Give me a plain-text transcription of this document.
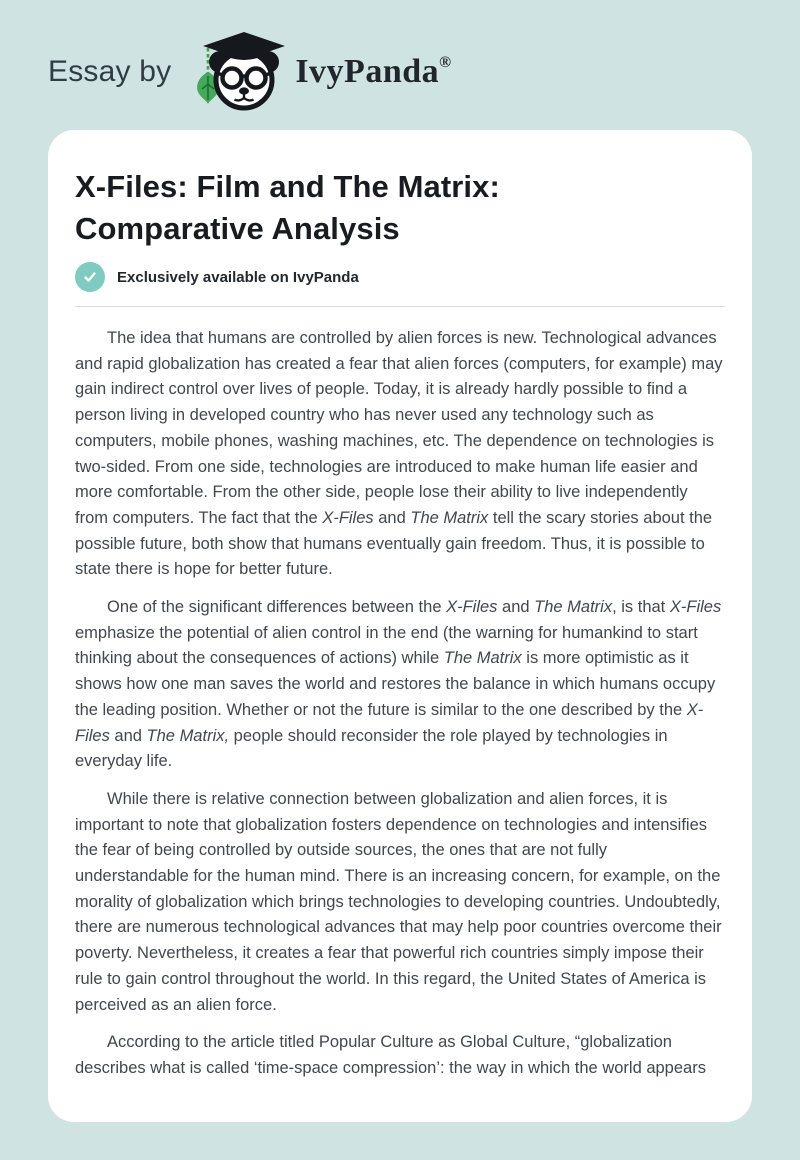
Essay by	IvyPanda®
X-Files: Film and The Matrix:
Comparative Analysis
Exclusively available on IvyPanda

The idea that humans are controlled by alien forces is new. Technological advances and rapid globalization has created a fear that alien forces (computers, for example) may gain indirect control over lives of people. Today, it is already hardly possible to find a person living in developed country who has never used any technology such as computers, mobile phones, washing machines, etc. The dependence on technologies is two-sided. From one side, technologies are introduced to make human life easier and more comfortable. From the other side, people lose their ability to live independently from computers. The fact that the X-Files and The Matrix tell the scary stories about the possible future, both show that humans eventually gain freedom. Thus, it is possible to state there is hope for better future.

One of the significant differences between the X-Files and The Matrix, is that X-Files emphasize the potential of alien control in the end (the warning for humankind to start thinking about the consequences of actions) while The Matrix is more optimistic as it shows how one man saves the world and restores the balance in which humans occupy the leading position. Whether or not the future is similar to the one described by the X-Files and The Matrix, people should reconsider the role played by technologies in everyday life.

While there is relative connection between globalization and alien forces, it is important to note that globalization fosters dependence on technologies and intensifies the fear of being controlled by outside sources, the ones that are not fully understandable for the human mind. There is an increasing concern, for example, on the morality of globalization which brings technologies to developing countries. Undoubtedly, there are numerous technological advances that may help poor countries overcome their poverty. Nevertheless, it creates a fear that powerful rich countries simply impose their rule to gain control throughout the world. In this regard, the United States of America is perceived as an alien force.

According to the article titled Popular Culture as Global Culture, “globalization describes what is called ‘time-space compression’: the way in which the world appears
